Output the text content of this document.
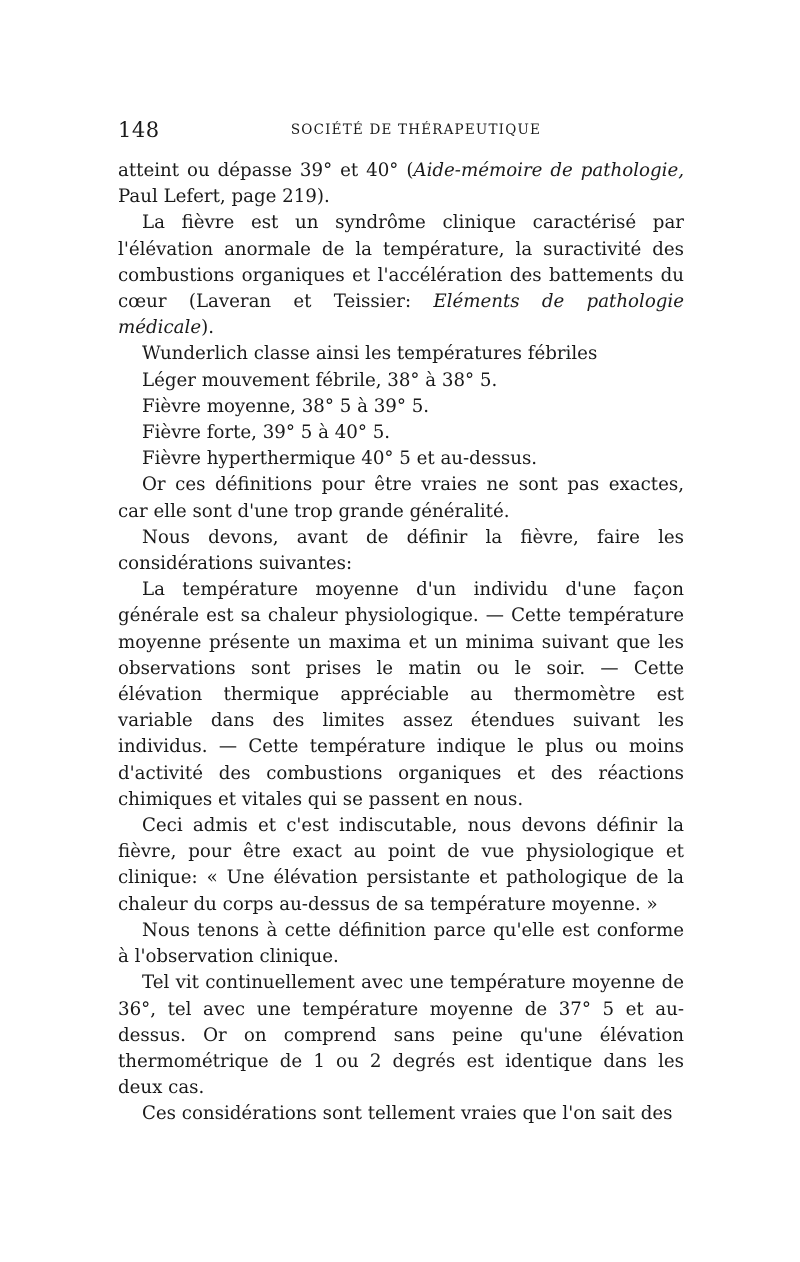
148	SOCIÉTÉ DE THÉRAPEUTIQUE

atteint ou dépasse 39° et 40° (Aide-mémoire de pathologie, Paul Lefert, page 219).

La fièvre est un syndrôme clinique caractérisé par l'élévation anormale de la température, la suractivité des combustions organiques et l'accélération des battements du cœur (Laveran et Teissier: Eléments de pathologie médicale).

Wunderlich classe ainsi les températures fébriles

Léger mouvement fébrile, 38° à 38° 5.

Fièvre moyenne, 38° 5 à 39° 5.

Fièvre forte, 39° 5 à 40° 5.

Fièvre hyperthermique 40° 5 et au-dessus.

Or ces définitions pour être vraies ne sont pas exactes, car elle sont d'une trop grande généralité.

Nous devons, avant de définir la fièvre, faire les considérations suivantes:

La température moyenne d'un individu d'une façon générale est sa chaleur physiologique. — Cette température moyenne présente un maxima et un minima suivant que les observations sont prises le matin ou le soir. — Cette élévation thermique appréciable au thermomètre est variable dans des limites assez étendues suivant les individus. — Cette température indique le plus ou moins d'activité des combustions organiques et des réactions chimiques et vitales qui se passent en nous.

Ceci admis et c'est indiscutable, nous devons définir la fièvre, pour être exact au point de vue physiologique et clinique: « Une élévation persistante et pathologique de la chaleur du corps au-dessus de sa température moyenne. »

Nous tenons à cette définition parce qu'elle est conforme à l'observation clinique.

Tel vit continuellement avec une température moyenne de 36°, tel avec une température moyenne de 37° 5 et au-dessus. Or on comprend sans peine qu'une élévation thermométrique de 1 ou 2 degrés est identique dans les deux cas.

Ces considérations sont tellement vraies que l'on sait des
